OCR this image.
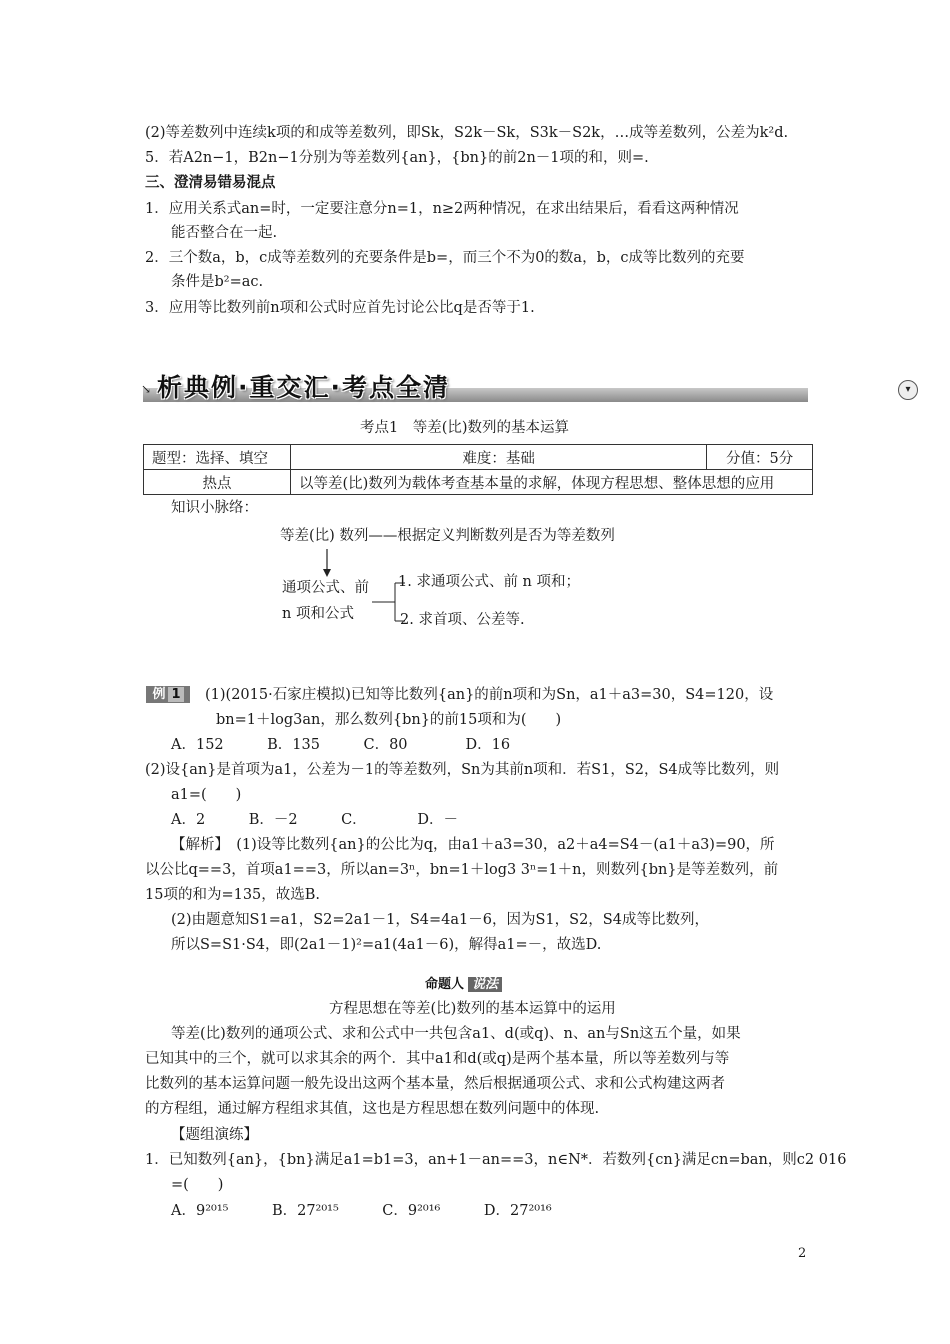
(2)等差数列中连续k项的和成等差数列，即Sk，S2k－Sk，S3k－S2k，…成等差数列，公差为k²d.
5．若A2n−1，B2n−1分别为等差数列{an}，{bn}的前2n－1项的和，则=.
三、澄清易错易混点
1．应用关系式an=时，一定要注意分n=1，n≥2两种情况，在求出结果后，看看这两种情况
能否整合在一起.
2．三个数a，b，c成等差数列的充要条件是b=，而三个不为0的数a，b，c成等比数列的充要
条件是b²=ac.
3．应用等比数列前n项和公式时应首先讨论公比q是否等于1.
↘ 析典例·重交汇·考点全清	▾
考点1　等差(比)数列的基本运算
题型：选择、填空	难度：基础	分值：5分
热点	以等差(比)数列为载体考查基本量的求解，体现方程思想、整体思想的应用	
知识小脉络：
等差(比) 数列——根据定义判断数列是否为等差数列
通项公式、前
n 项和公式
1. 求通项公式、前 n 项和；
2. 求首项、公差等.
例 1	(1)(2015·石家庄模拟)已知等比数列{an}的前n项和为Sn，a1＋a3=30，S4=120，设
bn=1＋log3an，那么数列{bn}的前15项和为(　　)
A．152　　　B．135　　　C．80　　　　D．16
(2)设{an}是首项为a1，公差为－1的等差数列，Sn为其前n项和．若S1，S2，S4成等比数列，则
a1=(　　)
A．2　　　B．－2　　　C．　　　　D．－
【解析】　(1)设等比数列{an}的公比为q，由a1＋a3=30，a2＋a4=S4－(a1＋a3)=90，所
以公比q==3，首项a1==3，所以an=3ⁿ，bn=1＋log3 3ⁿ=1＋n，则数列{bn}是等差数列，前
15项的和为=135，故选B.
(2)由题意知S1=a1，S2=2a1－1，S4=4a1－6，因为S1，S2，S4成等比数列，
所以S=S1·S4，即(2a1－1)²=a1(4a1－6)，解得a1=－，故选D.
命题人 说法
方程思想在等差(比)数列的基本运算中的运用
等差(比)数列的通项公式、求和公式中一共包含a1、d(或q)、n、an与Sn这五个量，如果
已知其中的三个，就可以求其余的两个．其中a1和d(或q)是两个基本量，所以等差数列与等
比数列的基本运算问题一般先设出这两个基本量，然后根据通项公式、求和公式构建这两者
的方程组，通过解方程组求其值，这也是方程思想在数列问题中的体现.
【题组演练】
1．已知数列{an}，{bn}满足a1=b1=3，an+1－an==3，n∈N*．若数列{cn}满足cn=ban，则c2 016
=(　　)
A．9²⁰¹⁵　　　B．27²⁰¹⁵　　　C．9²⁰¹⁶　　　D．27²⁰¹⁶
2
